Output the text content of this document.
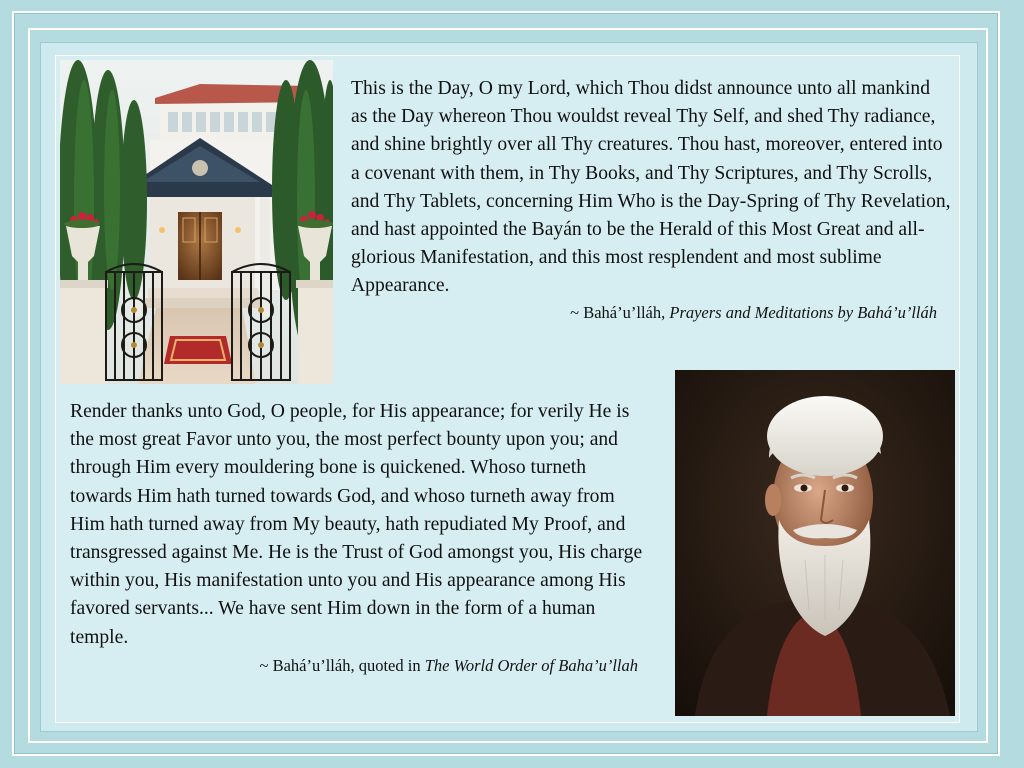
This is the Day, O my Lord, which Thou didst announce unto all mankind as the Day whereon Thou wouldst reveal Thy Self, and shed Thy radiance, and shine brightly over all Thy creatures. Thou hast, moreover, entered into a covenant with them, in Thy Books, and Thy Scriptures, and Thy Scrolls, and Thy Tablets, concerning Him Who is the Day-Spring of Thy Revelation, and hast appointed the Bayán to be the Herald of this Most Great and all-glorious Manifestation, and this most resplendent and most sublime Appearance.

~ Bahá’u’lláh, Prayers and Meditations by Bahá’u’lláh

Render thanks unto God, O people, for His appearance; for verily He is the most great Favor unto you, the most perfect bounty upon you; and through Him every mouldering bone is quickened. Whoso turneth towards Him hath turned towards God, and whoso turneth away from Him hath turned away from My beauty, hath repudiated My Proof, and transgressed against Me. He is the Trust of God amongst you, His charge within you, His manifestation unto you and His appearance among His favored servants... We have sent Him down in the form of a human temple.

~ Bahá’u’lláh, quoted in The World Order of Baha’u’llah
